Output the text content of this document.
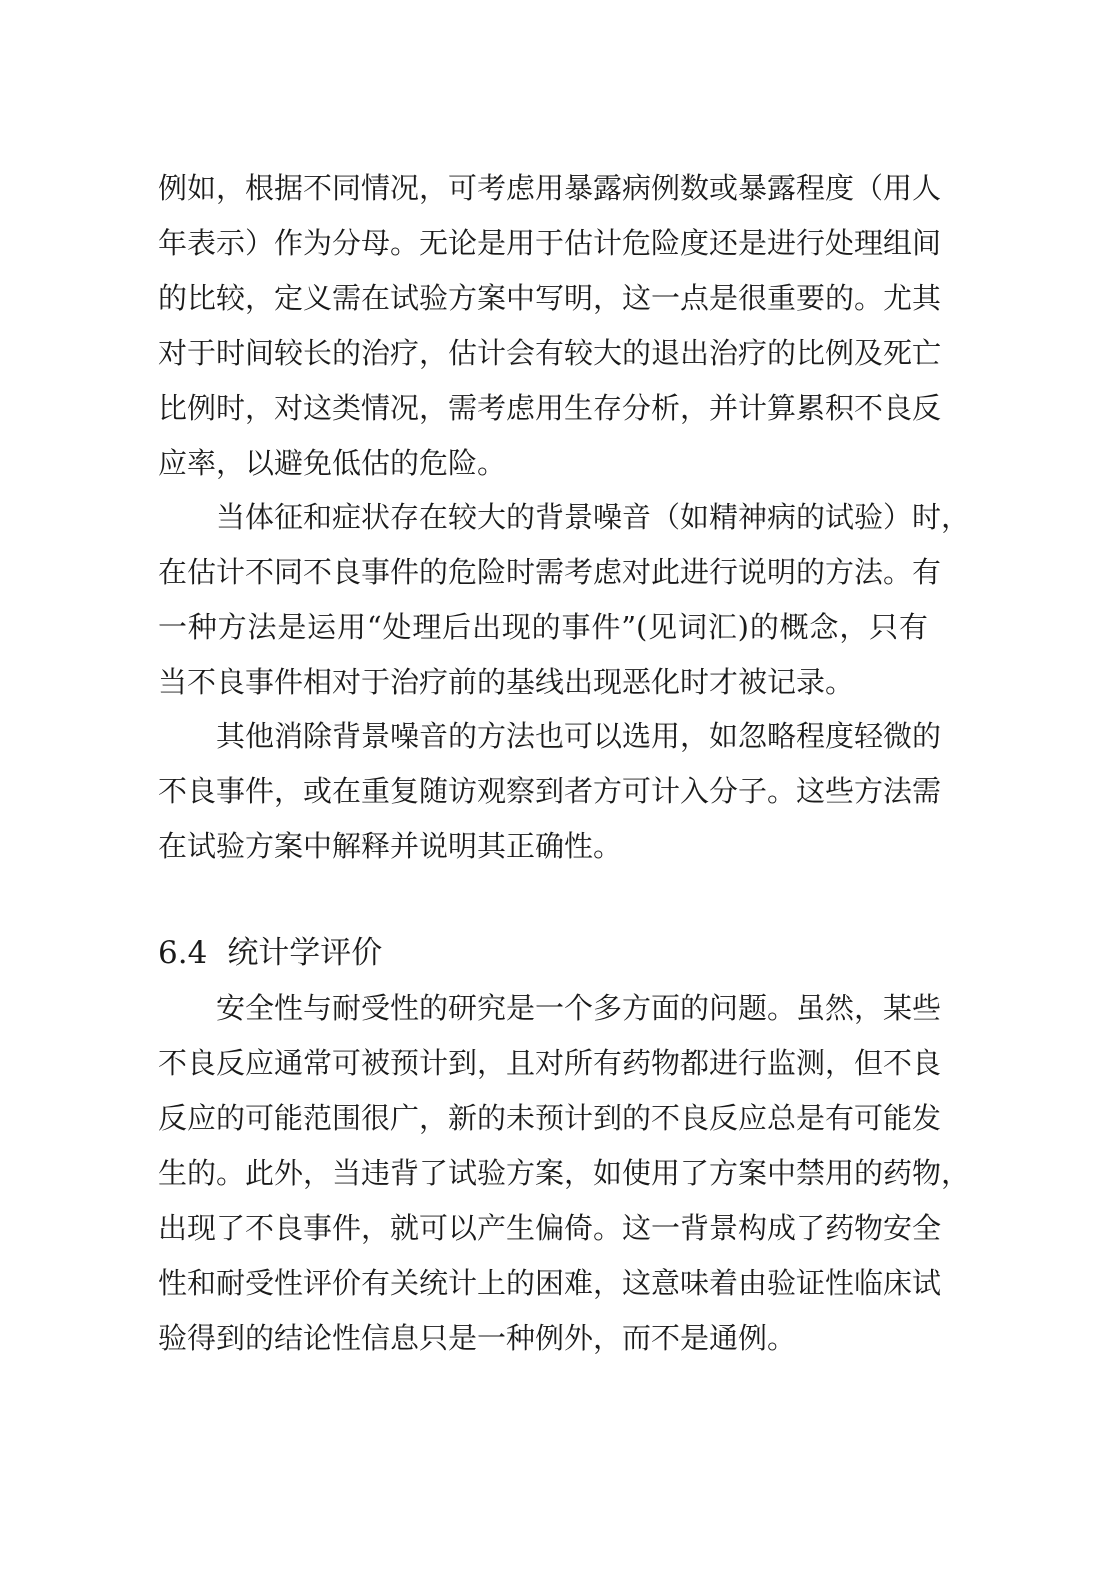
例如，根据不同情况，可考虑用暴露病例数或暴露程度（用人
年表示）作为分母。无论是用于估计危险度还是进行处理组间
的比较，定义需在试验方案中写明，这一点是很重要的。尤其
对于时间较长的治疗，估计会有较大的退出治疗的比例及死亡
比例时，对这类情况，需考虑用生存分析，并计算累积不良反
应率，以避免低估的危险。
当体征和症状存在较大的背景噪音（如精神病的试验）时，
在估计不同不良事件的危险时需考虑对此进行说明的方法。有
一种方法是运用“处理后出现的事件”(见词汇)的概念，只有
当不良事件相对于治疗前的基线出现恶化时才被记录。
其他消除背景噪音的方法也可以选用，如忽略程度轻微的
不良事件，或在重复随访观察到者方可计入分子。这些方法需
在试验方案中解释并说明其正确性。
6.4 统计学评价
安全性与耐受性的研究是一个多方面的问题。虽然，某些
不良反应通常可被预计到，且对所有药物都进行监测，但不良
反应的可能范围很广，新的未预计到的不良反应总是有可能发
生的。此外，当违背了试验方案，如使用了方案中禁用的药物，
出现了不良事件，就可以产生偏倚。这一背景构成了药物安全
性和耐受性评价有关统计上的困难，这意味着由验证性临床试
验得到的结论性信息只是一种例外，而不是通例。
